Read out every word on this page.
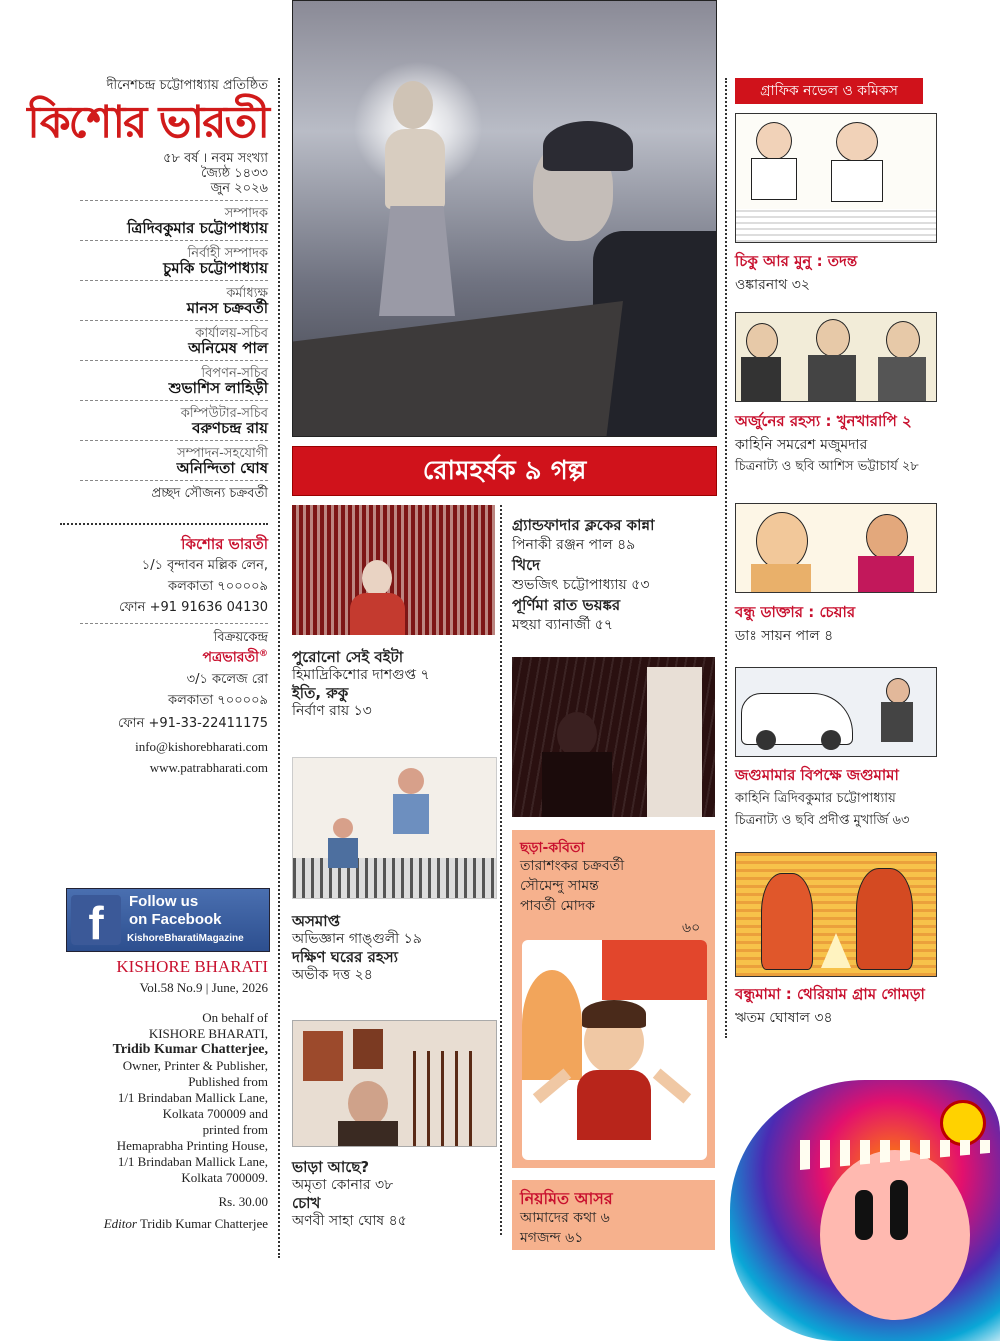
দীনেশচন্দ্র চট্টোপাধ্যায় প্রতিষ্ঠিত
কিশোর ভারতী
৫৮ বর্ষ । নবম সংখ্যা
জ্যৈষ্ঠ ১৪৩৩
জুন ২০২৬
সম্পাদক
ত্রিদিবকুমার চট্টোপাধ্যায়
নির্বাহী সম্পাদক
চুমকি চট্টোপাধ্যায়
কর্মাধ্যক্ষ
মানস চক্রবর্তী
কার্যালয়-সচিব
অনিমেষ পাল
বিপণন-সচিব
শুভাশিস লাহিড়ী
কম্পিউটার-সচিব
বরুণচন্দ্র রায়
সম্পাদন-সহযোগী
অনিন্দিতা ঘোষ
প্রচ্ছদ সৌজন্য চক্রবর্তী
কিশোর ভারতী
১/১ বৃন্দাবন মল্লিক লেন,
কলকাতা ৭০০০০৯
ফোন +91 91636 04130
বিক্রয়কেন্দ্র
পত্রভারতী®
৩/১ কলেজ রো
কলকাতা ৭০০০০৯
ফোন +91-33-22411175
info@kishorebharati.com
www.patrabharati.com
f	Follow us
on Facebook
KishoreBharatiMagazine
KISHORE BHARATI
Vol.58 No.9 | June, 2026
On behalf of
KISHORE BHARATI,
Tridib Kumar Chatterjee,
Owner, Printer & Publisher,
Published from
1/1 Brindaban Mallick Lane,
Kolkata 700009 and
printed from
Hemaprabha Printing House,
1/1 Brindaban Mallick Lane,
Kolkata 700009.
Rs. 30.00
Editor Tridib Kumar Chatterjee
রোমহর্ষক ৯ গল্প
পুরোনো সেই বইটা
হিমাদ্রিকিশোর দাশগুপ্ত ৭
ইতি, রুকু
নির্বাণ রায় ১৩
অসমাপ্ত
অভিজ্ঞান গাঙ্গুলী ১৯
দক্ষিণ ঘরের রহস্য
অভীক দত্ত ২৪
ভাড়া আছে?
অমৃতা কোনার ৩৮
চোখ
অণবী সাহা ঘোষ ৪৫
গ্র্যান্ডফাদার ক্লকের কান্না
পিনাকী রঞ্জন পাল ৪৯
খিদে
শুভজিৎ চট্টোপাধ্যায় ৫৩
পূর্ণিমা রাত ভয়ঙ্কর
মহুয়া ব্যানার্জী ৫৭
ছড়া-কবিতা
তারাশংকর চক্রবর্তী
সৌমেন্দু সামন্ত
পাবর্তী মোদক
৬০
নিয়মিত আসর
আমাদের কথা ৬
মগজন্দ ৬১
গ্রাফিক নভেল ও কমিকস
চিকু আর মুনু : তদন্ত
ওঙ্কারনাথ ৩২
অর্জুনের রহস্য : খুনখারাপি ২
কাহিনি সমরেশ মজুমদার
চিত্রনাট্য ও ছবি আশিস ভট্টাচার্য ২৮
বন্ধু ডাক্তার : চেয়ার
ডাঃ সায়ন পাল ৪
জগুমামার বিপক্ষে জগুমামা
কাহিনি ত্রিদিবকুমার চট্টোপাধ্যায়
চিত্রনাট্য ও ছবি প্রদীপ্ত মুখার্জি ৬৩
বন্ধুমামা : থেরিয়াম গ্রাম গোমড়া
ঋতম ঘোষাল ৩৪
